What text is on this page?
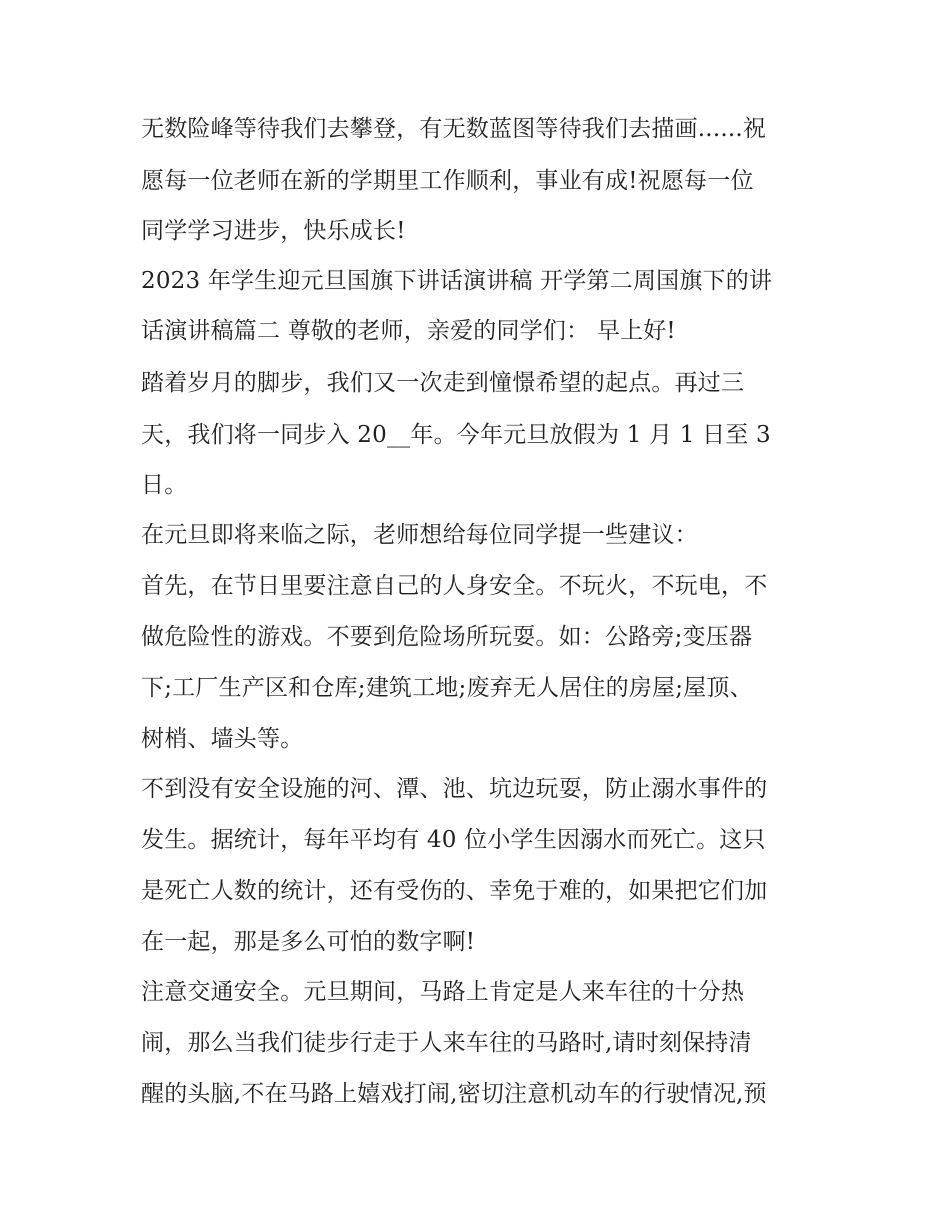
无数险峰等待我们去攀登，有无数蓝图等待我们去描画......祝
愿每一位老师在新的学期里工作顺利，事业有成!祝愿每一位
同学学习进步，快乐成长!
2023 年学生迎元旦国旗下讲话演讲稿 开学第二周国旗下的讲
话演讲稿篇二 尊敬的老师，亲爱的同学们： 早上好!
踏着岁月的脚步，我们又一次走到憧憬希望的起点。再过三
天，我们将一同步入 20__年。今年元旦放假为 1 月 1 日至 3
日。
在元旦即将来临之际，老师想给每位同学提一些建议：
首先，在节日里要注意自己的人身安全。不玩火，不玩电，不
做危险性的游戏。不要到危险场所玩耍。如：公路旁;变压器
下;工厂生产区和仓库;建筑工地;废弃无人居住的房屋;屋顶、
树梢、墙头等。
不到没有安全设施的河、潭、池、坑边玩耍，防止溺水事件的
发生。据统计，每年平均有 40 位小学生因溺水而死亡。这只
是死亡人数的统计，还有受伤的、幸免于难的，如果把它们加
在一起，那是多么可怕的数字啊!
注意交通安全。元旦期间，马路上肯定是人来车往的十分热
闹，那么当我们徒步行走于人来车往的马路时,请时刻保持清
醒的头脑,不在马路上嬉戏打闹,密切注意机动车的行驶情况,预
